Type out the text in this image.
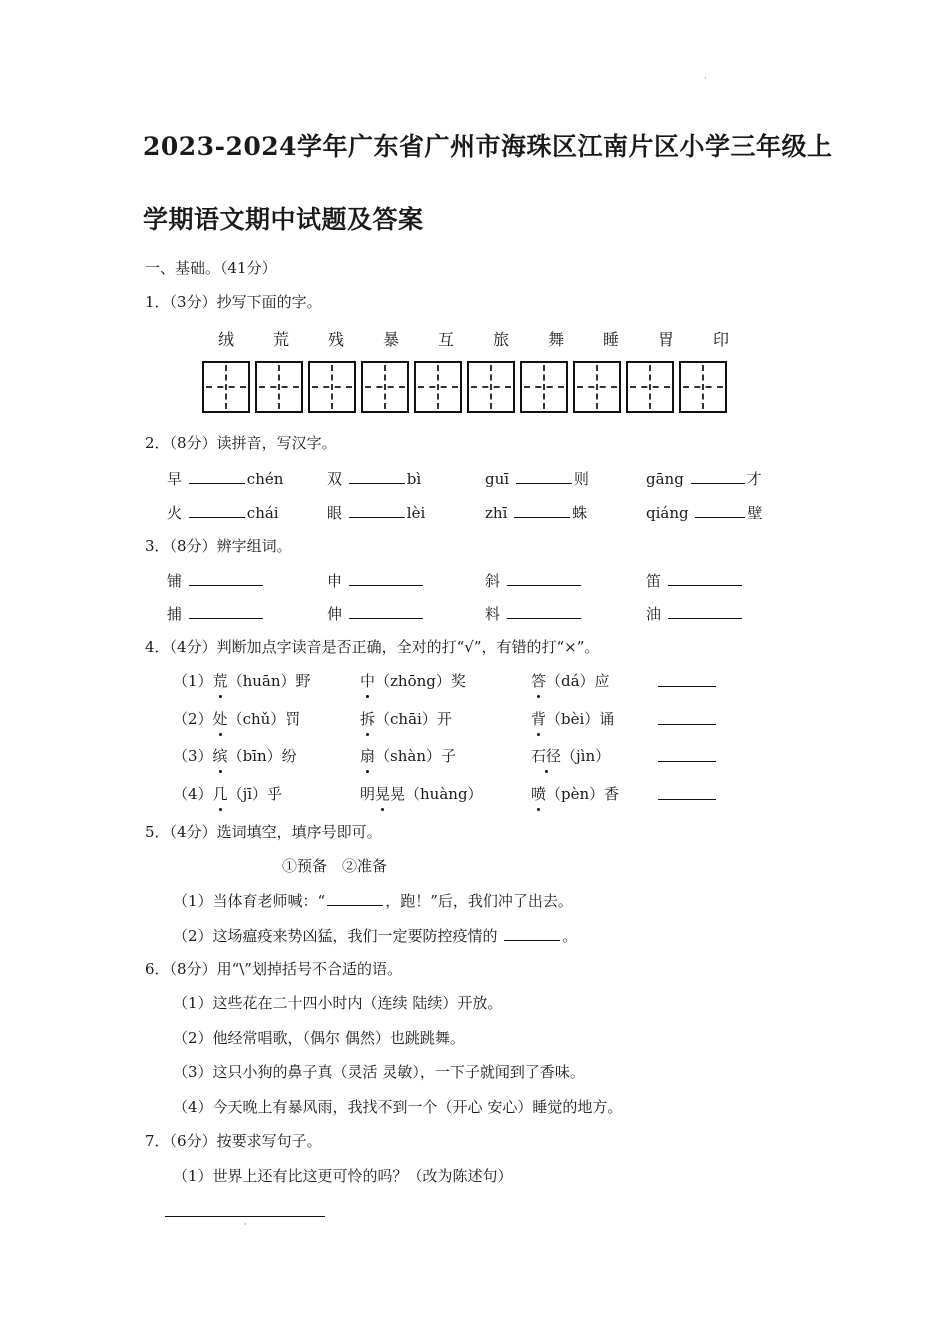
·
2023-2024学年广东省广州市海珠区江南片区小学三年级上
学期语文期中试题及答案
一、基础。（41分）
1．（3分）抄写下面的字。
绒	荒	残	暴	互	旅	舞	睡	胃	印
2．（8分）读拼音，写汉字。
早	chén	双	bì	guī	则	gāng	才
火	chái	眼	lèi	zhī	蛛	qiáng	壁
3．（8分）辨字组词。
铺	申	斜	笛
捕	伸	料	油
4．（4分）判断加点字读音是否正确，全对的打“√”，有错的打“×”。
（1）荒（huān）野	中（zhōng）奖	答（dá）应
（2）处（chǔ）罚	拆（chāi）开	背（bèi）诵
（3）缤（bīn）纷	扇（shàn）子	石径（jìn）
（4）几（jī）乎	明晃晃（huàng）	喷（pèn）香
5．（4分）选词填空，填序号即可。
①预备　②准备
（1）当体育老师喊：“	，跑！”后，我们冲了出去。
（2）这场瘟疫来势凶猛，我们一定要防控疫情的	。
6．（8分）用“\”划掉括号不合适的语。
（1）这些花在二十四小时内（连续 陆续）开放。
（2）他经常唱歌，（偶尔 偶然）也跳跳舞。
（3）这只小狗的鼻子真（灵活 灵敏），一下子就闻到了香味。
（4）今天晚上有暴风雨，我找不到一个（开心 安心）睡觉的地方。
7．（6分）按要求写句子。
（1）世界上还有比这更可怜的吗？（改为陈述句）
·
